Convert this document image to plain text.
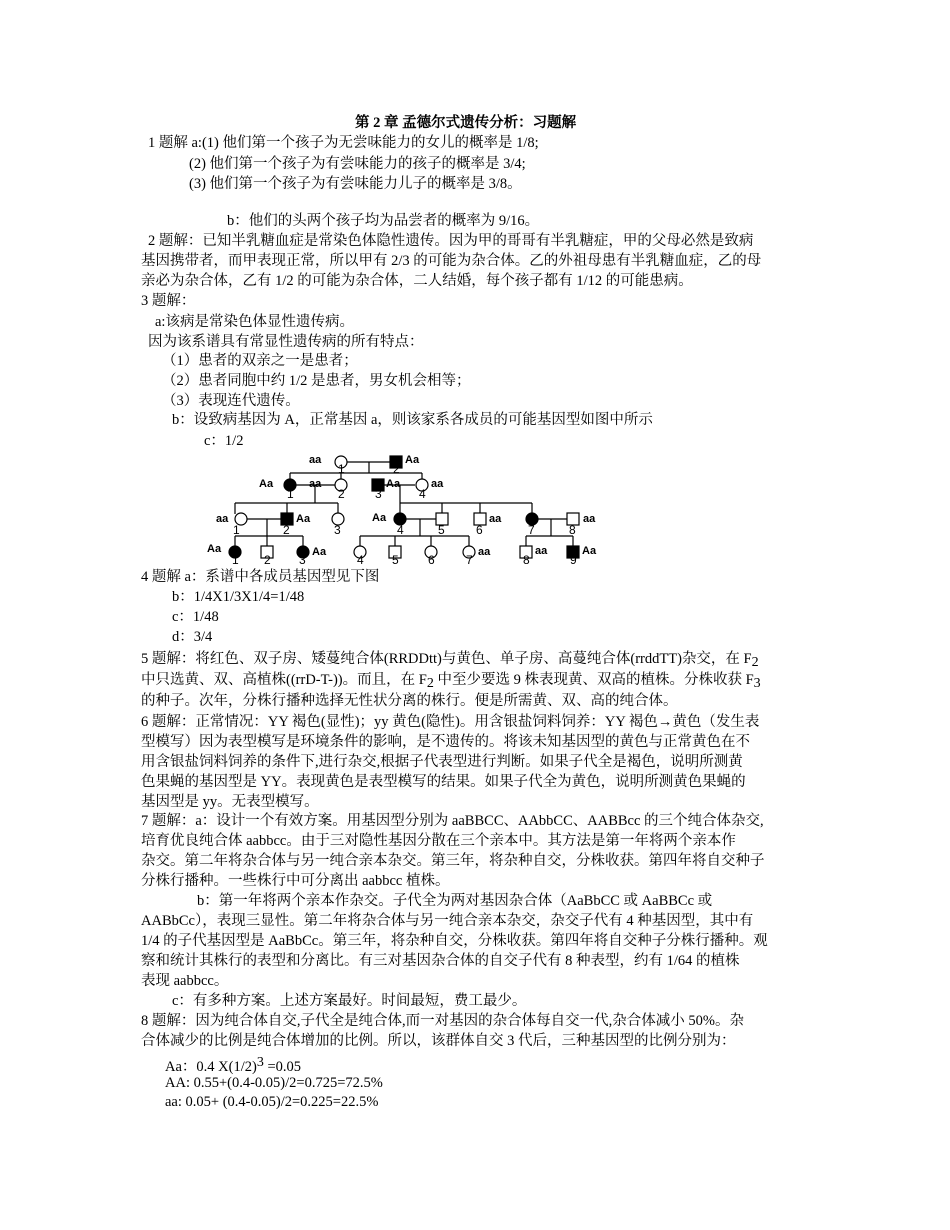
第 2 章 孟德尔式遗传分析：习题解
1 题解 a:(1) 他们第一个孩子为无尝味能力的女儿的概率是 1/8;
(2) 他们第一个孩子为有尝味能力的孩子的概率是 3/4;
(3) 他们第一个孩子为有尝味能力儿子的概率是 3/8。
b：他们的头两个孩子均为品尝者的概率为 9/16。
2 题解：已知半乳糖血症是常染色体隐性遗传。因为甲的哥哥有半乳糖症，甲的父母必然是致病
基因携带者，而甲表现正常，所以甲有 2/3 的可能为杂合体。乙的外祖母患有半乳糖血症，乙的母
亲必为杂合体，乙有 1/2 的可能为杂合体，二人结婚，每个孩子都有 1/12 的可能患病。
3 题解：
a:该病是常染色体显性遗传病。
因为该系谱具有常显性遗传病的所有特点：
（1）患者的双亲之一是患者；
（2）患者同胞中约 1/2 是患者，男女机会相等；
（3）表现连代遗传。
b：设致病基因为 A，正常基因 a，则该家系各成员的可能基因型如图中所示
c：1/2
aa	Aa
1	2
Aa	aa	Aa	aa
1	2	3	4
aa	Aa	Aa	aa	aa
1	2	3	4	5	6	7	8
Aa	Aa	aa	aa	Aa
1 2 3	4 5 6	7	8	9
4 题解 a：系谱中各成员基因型见下图
b：1/4X1/3X1/4=1/48
c：1/48
d：3/4
5 题解：将红色、双子房、矮蔓纯合体(RRDDtt)与黄色、单子房、高蔓纯合体(rrddTT)杂交，在 $F_2$
中只选黄、双、高植株((rrD-T-))。而且，在 $F_2$ 中至少要选 9 株表现黄、双高的植株。分株收获 $F_3$
的种子。次年，分株行播种选择无性状分离的株行。便是所需黄、双、高的纯合体。
6 题解：正常情况：YY 褐色(显性)；yy 黄色(隐性)。用含银盐饲料饲养：YY 褐色→黄色（发生表
型模写）因为表型模写是环境条件的影响，是不遗传的。将该未知基因型的黄色与正常黄色在不
用含银盐饲料饲养的条件下,进行杂交,根据子代表型进行判断。如果子代全是褐色，说明所测黄
色果蝇的基因型是 YY。表现黄色是表型模写的结果。如果子代全为黄色，说明所测黄色果蝇的
基因型是 yy。无表型模写。
7 题解：a：设计一个有效方案。用基因型分别为 aaBBCC、AAbbCC、AABBcc 的三个纯合体杂交,
培育优良纯合体 aabbcc。由于三对隐性基因分散在三个亲本中。其方法是第一年将两个亲本作
杂交。第二年将杂合体与另一纯合亲本杂交。第三年，将杂种自交，分株收获。第四年将自交种子
分株行播种。一些株行中可分离出 aabbcc 植株。
b：第一年将两个亲本作杂交。子代全为两对基因杂合体（AaBbCC 或 AaBBCc 或
AABbCc），表现三显性。第二年将杂合体与另一纯合亲本杂交，杂交子代有 4 种基因型，其中有
1/4 的子代基因型是 AaBbCc。第三年，将杂种自交，分株收获。第四年将自交种子分株行播种。观
察和统计其株行的表型和分离比。有三对基因杂合体的自交子代有 8 种表型，约有 1/64 的植株
表现 aabbcc。
c：有多种方案。上述方案最好。时间最短，费工最少。
8 题解：因为纯合体自交,子代全是纯合体,而一对基因的杂合体每自交一代,杂合体减小 50%。杂
合体减少的比例是纯合体增加的比例。所以，该群体自交 3 代后，三种基因型的比例分别为：
Aa：0.4 $X(1/2)^3 =0.05$
AA: 0.55+(0.4-0.05)/2=0.725=72.5%
aa: 0.05+ (0.4-0.05)/2=0.225=22.5%
